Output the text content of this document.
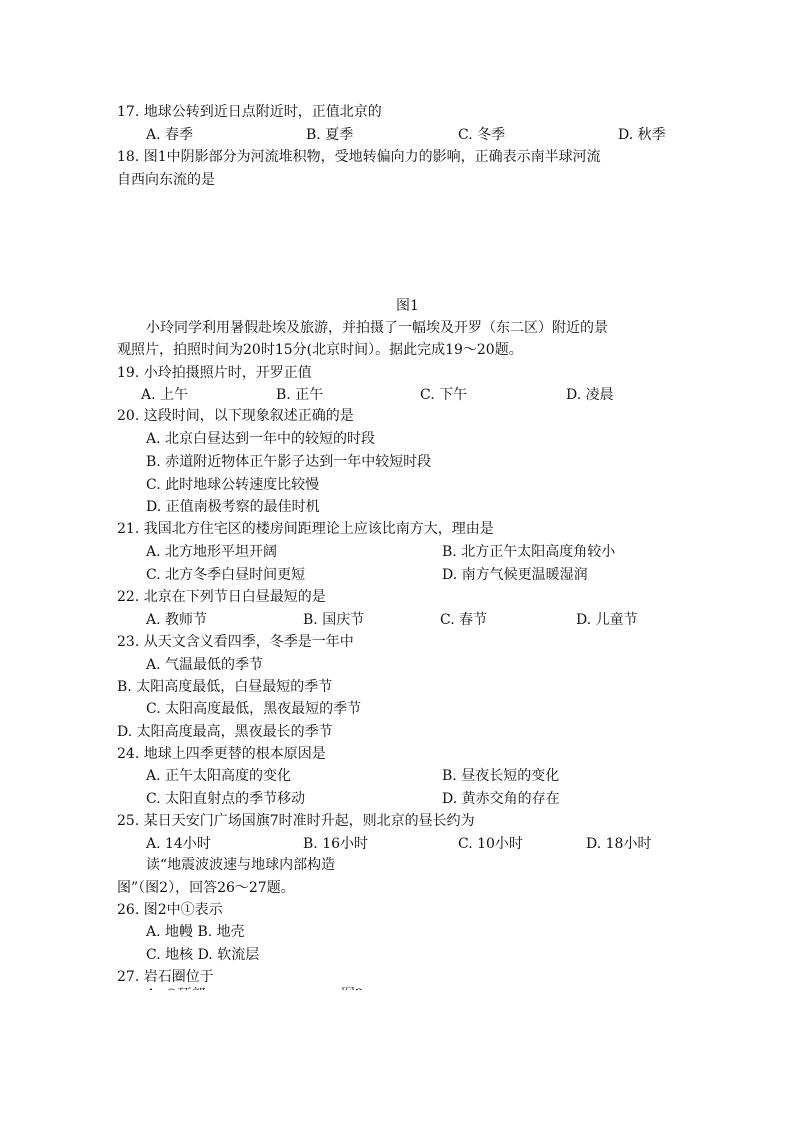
17. 地球公转到近日点附近时，正值北京的
A. 春季	B. 夏季	C. 冬季	D. 秋季
18. 图1中阴影部分为河流堆积物，受地转偏向力的影响，正确表示南半球河流
自西向东流的是
图1
小玲同学利用暑假赴埃及旅游，并拍摄了一幅埃及开罗（东二区）附近的景
观照片，拍照时间为20时15分(北京时间）。据此完成19～20题。
19. 小玲拍摄照片时，开罗正值
A. 上午	B. 正午	C. 下午	D. 凌晨
20. 这段时间，以下现象叙述正确的是
A. 北京白昼达到一年中的较短的时段
B. 赤道附近物体正午影子达到一年中较短时段
C. 此时地球公转速度比较慢
D. 正值南极考察的最佳时机
21. 我国北方住宅区的楼房间距理论上应该比南方大，理由是
A. 北方地形平坦开阔	B. 北方正午太阳高度角较小
C. 北方冬季白昼时间更短	D. 南方气候更温暖湿润
22. 北京在下列节日白昼最短的是
A. 教师节	B. 国庆节	C. 春节	D. 儿童节
23. 从天文含义看四季，冬季是一年中
A. 气温最低的季节
B. 太阳高度最低，白昼最短的季节
C. 太阳高度最低，黑夜最短的季节
D. 太阳高度最高，黑夜最长的季节
24. 地球上四季更替的根本原因是
A. 正午太阳高度的变化	B. 昼夜长短的变化
C. 太阳直射点的季节移动	D. 黄赤交角的存在
25. 某日天安门广场国旗7时准时升起，则北京的昼长约为
A. 14小时	B. 16小时	C. 10小时	D. 18小时
读“地震波波速与地球内部构造
图”（图2），回答26～27题。
26. 图2中①表示
A. 地幔 B. 地壳
C. 地核 D. 软流层
27. 岩石圈位于
